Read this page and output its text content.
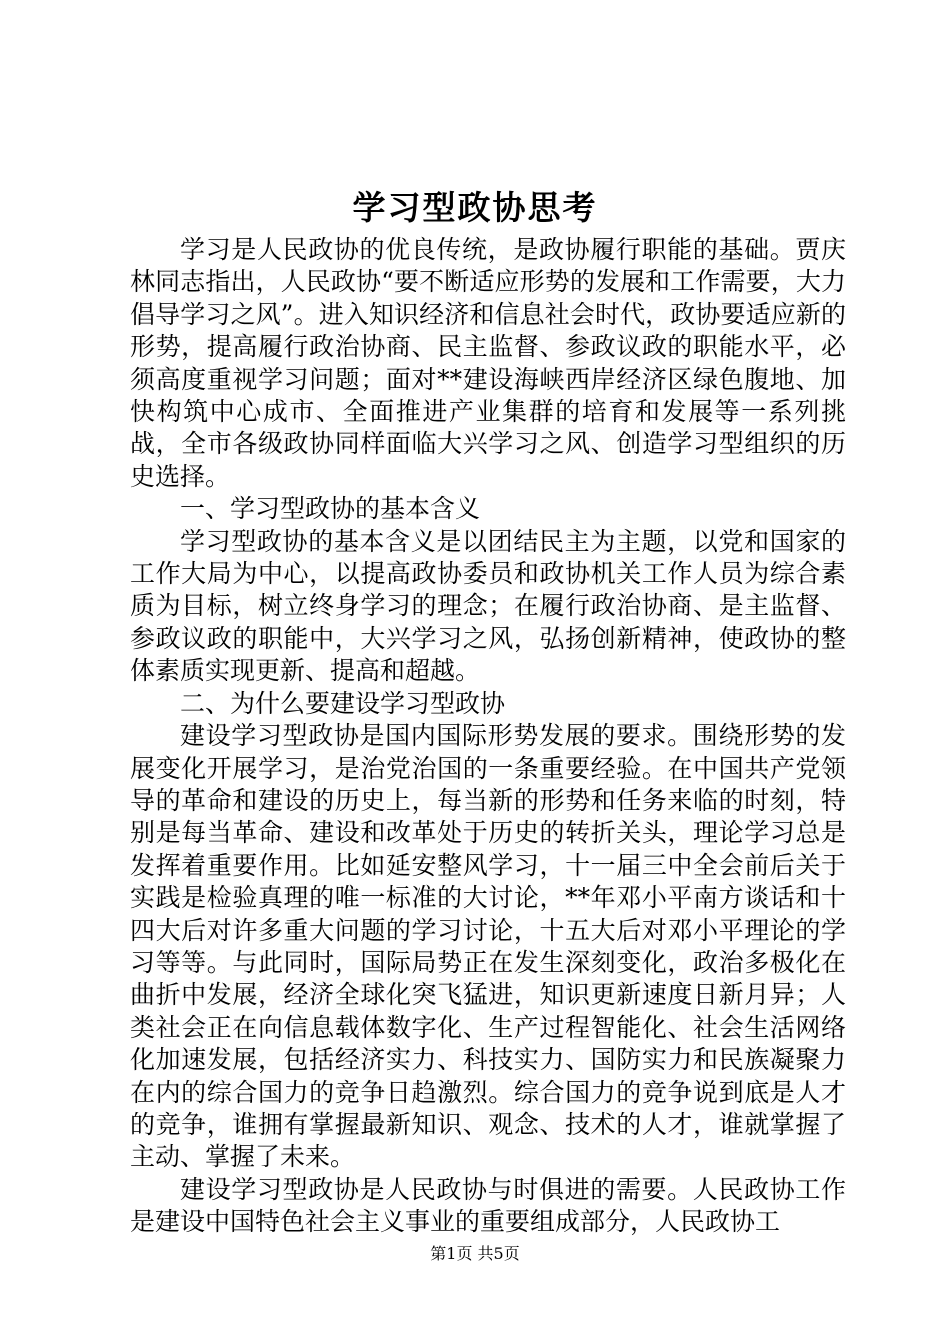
学习型政协思考

学习是人民政协的优良传统，是政协履行职能的基础。贾庆林同志指出，人民政协“要不断适应形势的发展和工作需要，大力倡导学习之风”。进入知识经济和信息社会时代，政协要适应新的形势，提高履行政治协商、民主监督、参政议政的职能水平，必须高度重视学习问题；面对**建设海峡西岸经济区绿色腹地、加快构筑中心成市、全面推进产业集群的培育和发展等一系列挑战，全市各级政协同样面临大兴学习之风、创造学习型组织的历史选择。

一、学习型政协的基本含义

学习型政协的基本含义是以团结民主为主题，以党和国家的工作大局为中心，以提高政协委员和政协机关工作人员为综合素质为目标，树立终身学习的理念；在履行政治协商、是主监督、参政议政的职能中，大兴学习之风，弘扬创新精神，使政协的整体素质实现更新、提高和超越。

二、为什么要建设学习型政协

建设学习型政协是国内国际形势发展的要求。围绕形势的发展变化开展学习，是治党治国的一条重要经验。在中国共产党领导的革命和建设的历史上，每当新的形势和任务来临的时刻，特别是每当革命、建设和改革处于历史的转折关头，理论学习总是发挥着重要作用。比如延安整风学习，十一届三中全会前后关于实践是检验真理的唯一标准的大讨论，**年邓小平南方谈话和十四大后对许多重大问题的学习讨论，十五大后对邓小平理论的学习等等。与此同时，国际局势正在发生深刻变化，政治多极化在曲折中发展，经济全球化突飞猛进，知识更新速度日新月异；人类社会正在向信息载体数字化、生产过程智能化、社会生活网络化加速发展，包括经济实力、科技实力、国防实力和民族凝聚力在内的综合国力的竞争日趋激烈。综合国力的竞争说到底是人才的竞争，谁拥有掌握最新知识、观念、技术的人才，谁就掌握了主动、掌握了未来。

建设学习型政协是人民政协与时俱进的需要。人民政协工作是建设中国特色社会主义事业的重要组成部分，人民政协工

第1页 共5页
